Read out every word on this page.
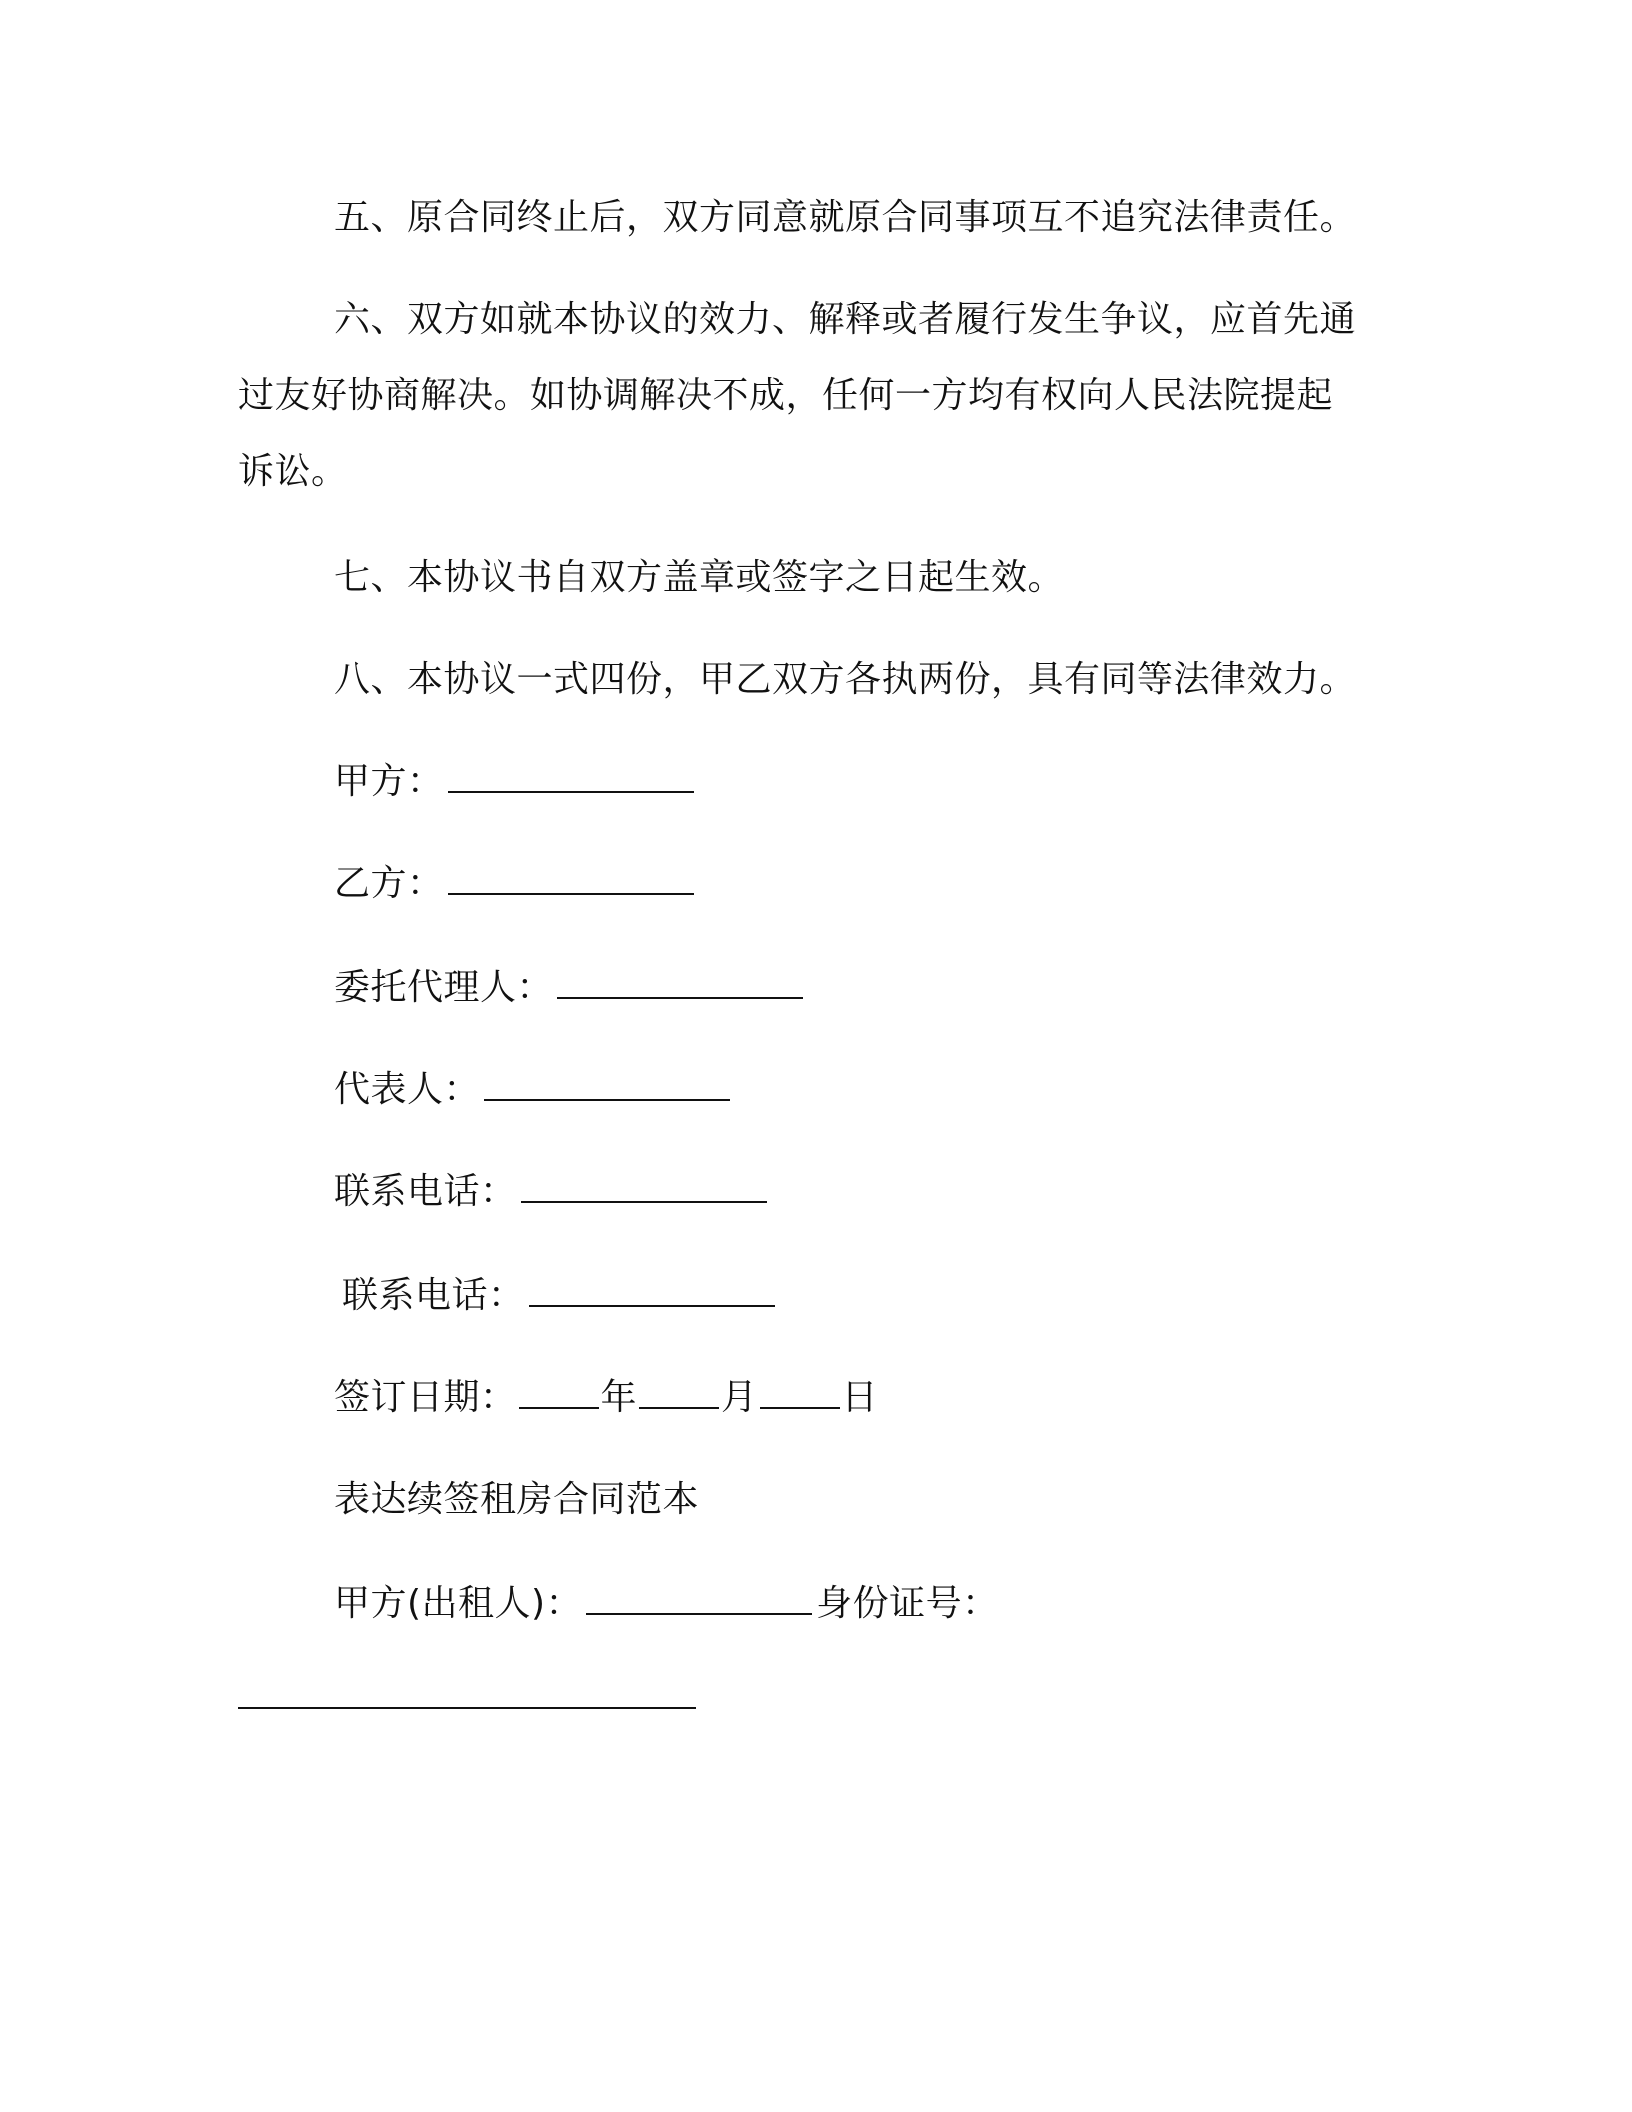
五、原合同终止后，双方同意就原合同事项互不追究法律责任。

六、双方如就本协议的效力、解释或者履行发生争议，应首先通

过友好协商解决。如协调解决不成，任何一方均有权向人民法院提起

诉讼。

七、本协议书自双方盖章或签字之日起生效。

八、本协议一式四份，甲乙双方各执两份，具有同等法律效力。

甲方：

乙方：

委托代理人：

代表人：

联系电话：

联系电话：

签订日期： 年 月 日

表达续签租房合同范本

甲方(出租人)：	身份证号：
